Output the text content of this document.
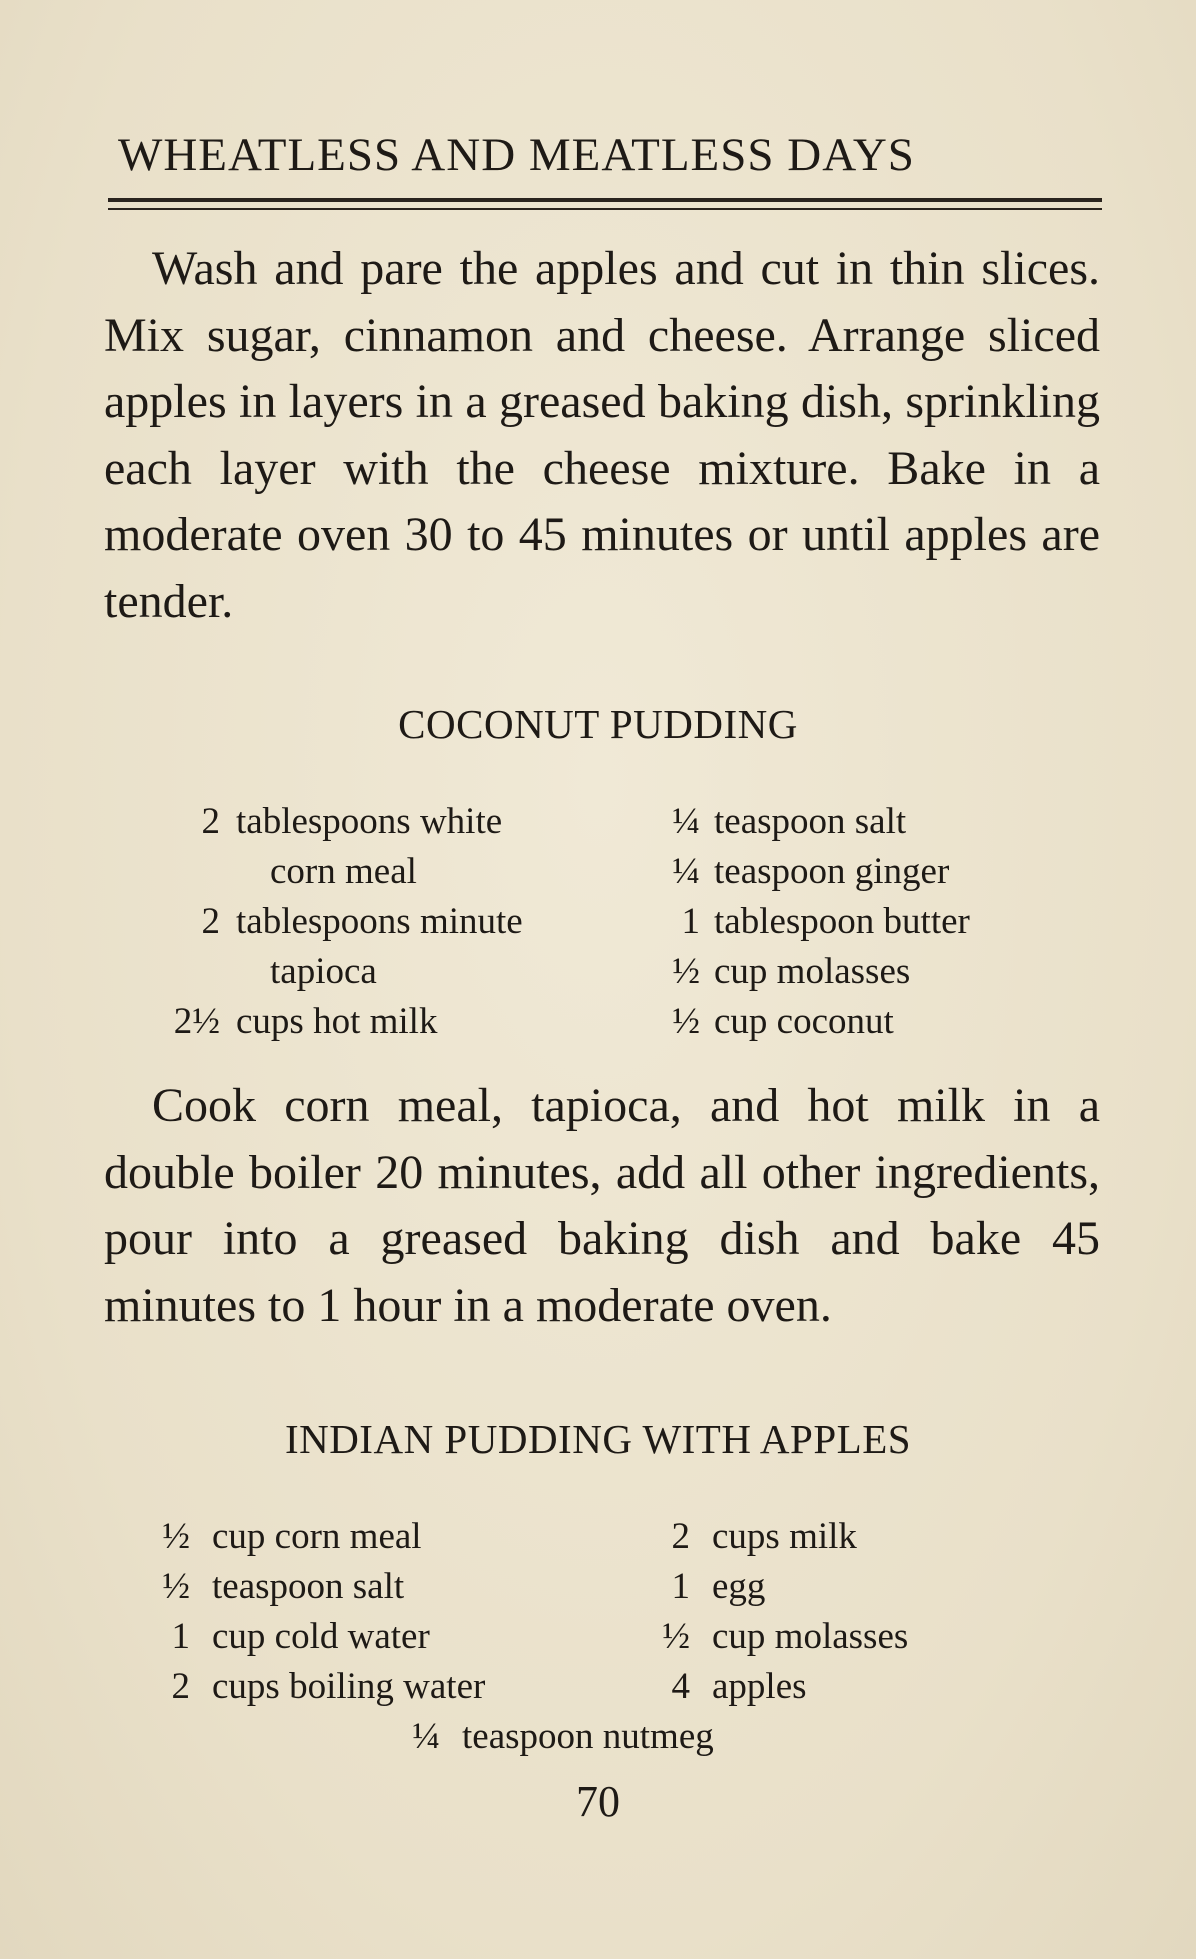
WHEATLESS AND MEATLESS DAYS

Wash and pare the apples and cut in thin slices. Mix sugar, cinnamon and cheese. Arrange sliced apples in layers in a greased baking dish, sprinkling each layer with the cheese mixture. Bake in a moderate oven 30 to 45 minutes or until apples are tender.

COCONUT PUDDING
2 tablespoons white
corn meal
2 tablespoons minute
tapioca
2½ cups hot milk
¼ teaspoon salt
¼ teaspoon ginger
1 tablespoon butter
½ cup molasses
½ cup coconut

Cook corn meal, tapioca, and hot milk in a double boiler 20 minutes, add all other ingredients, pour into a greased baking dish and bake 45 minutes to 1 hour in a moderate oven.

INDIAN PUDDING WITH APPLES
½ cup corn meal
½ teaspoon salt
1 cup cold water
2 cups boiling water
2 cups milk
1 egg
½ cup molasses
4 apples
¼ teaspoon nutmeg
70
